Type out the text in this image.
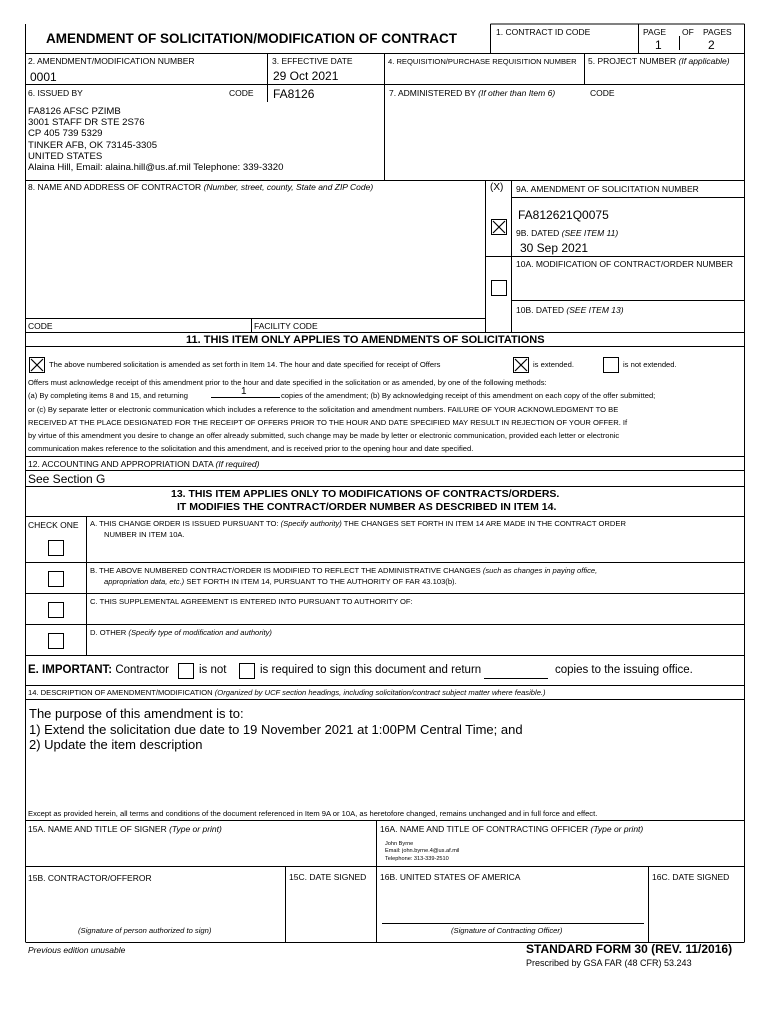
AMENDMENT OF SOLICITATION/MODIFICATION OF CONTRACT	1. CONTRACT ID CODE	PAGE OF PAGES
1	2
2. AMENDMENT/MODIFICATION NUMBER
0001
3. EFFECTIVE DATE
29 Oct 2021
4. REQUISITION/PURCHASE REQUISITION NUMBER 5. PROJECT NUMBER (If applicable)
6. ISSUED BY	CODE FA8126	7. ADMINISTERED BY (If other than Item 6)	CODE
FA8126 AFSC PZIMB
3001 STAFF DR STE 2S76
CP 405 739 5329
TINKER AFB, OK 73145-3305
UNITED STATES
Alaina Hill, Email: alaina.hill@us.af.mil Telephone: 339-3320
8. NAME AND ADDRESS OF CONTRACTOR (Number, street, county, State and ZIP Code)	(X) 9A. AMENDMENT OF SOLICITATION NUMBER
FA812621Q0075
9B. DATED (SEE ITEM 11)
30 Sep 2021
10A. MODIFICATION OF CONTRACT/ORDER NUMBER
10B. DATED (SEE ITEM 13)
CODE	FACILITY CODE
11. THIS ITEM ONLY APPLIES TO AMENDMENTS OF SOLICITATIONS
The above numbered solicitation is amended as set forth in Item 14. The hour and date specified for receipt of Offers	is extended.	is not extended.
Offers must acknowledge receipt of this amendment prior to the hour and date specified in the solicitation or as amended, by one of the following methods:
(a) By completing items 8 and 15, and returning	1	copies of the amendment; (b) By acknowledging receipt of this amendment on each copy of the offer submitted;
or (c) By separate letter or electronic communication which includes a reference to the solicitation and amendment numbers. FAILURE OF YOUR ACKNOWLEDGMENT TO BE
RECEIVED AT THE PLACE DESIGNATED FOR THE RECEIPT OF OFFERS PRIOR TO THE HOUR AND DATE SPECIFIED MAY RESULT IN REJECTION OF YOUR OFFER. If
by virtue of this amendment you desire to change an offer already submitted, such change may be made by letter or electronic communication, provided each letter or electronic
communication makes reference to the solicitation and this amendment, and is received prior to the opening hour and date specified.
12. ACCOUNTING AND APPROPRIATION DATA (If required)
See Section G
13. THIS ITEM APPLIES ONLY TO MODIFICATIONS OF CONTRACTS/ORDERS.
IT MODIFIES THE CONTRACT/ORDER NUMBER AS DESCRIBED IN ITEM 14.
CHECK ONE A. THIS CHANGE ORDER IS ISSUED PURSUANT TO: (Specify authority) THE CHANGES SET FORTH IN ITEM 14 ARE MADE IN THE CONTRACT ORDER
NUMBER IN ITEM 10A.
B. THE ABOVE NUMBERED CONTRACT/ORDER IS MODIFIED TO REFLECT THE ADMINISTRATIVE CHANGES (such as changes in paying office,
appropriation data, etc.) SET FORTH IN ITEM 14, PURSUANT TO THE AUTHORITY OF FAR 43.103(b).
C. THIS SUPPLEMENTAL AGREEMENT IS ENTERED INTO PURSUANT TO AUTHORITY OF:
D. OTHER (Specify type of modification and authority)
E. IMPORTANT: Contractor	is not	is required to sign this document and return	copies to the issuing office.
14. DESCRIPTION OF AMENDMENT/MODIFICATION (Organized by UCF section headings, including solicitation/contract subject matter where feasible.)
The purpose of this amendment is to:
1) Extend the solicitation due date to 19 November 2021 at 1:00PM Central Time; and
2) Update the item description
Except as provided herein, all terms and conditions of the document referenced in Item 9A or 10A, as heretofore changed, remains unchanged and in full force and effect.
15A. NAME AND TITLE OF SIGNER (Type or print)	16A. NAME AND TITLE OF CONTRACTING OFFICER (Type or print)
John Byrne
Email: john.byrne.4@us.af.mil
Telephone: 313-339-2510
15B. CONTRACTOR/OFFEROR	15C. DATE SIGNED 16B. UNITED STATES OF AMERICA	16C. DATE SIGNED
(Signature of person authorized to sign)	(Signature of Contracting Officer)
Previous edition unusable	STANDARD FORM 30 (REV. 11/2016)
Prescribed by GSA FAR (48 CFR) 53.243
